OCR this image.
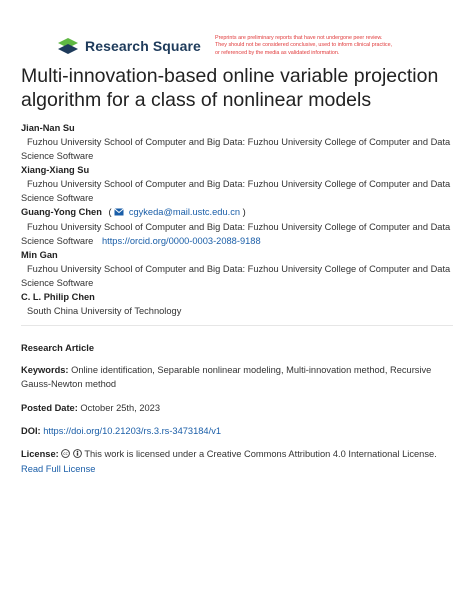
Research Square	Preprints are preliminary reports that have not undergone peer review.
They should not be considered conclusive, used to inform clinical practice,
or referenced by the media as validated information.
Multi-innovation-based online variable projection
algorithm for a class of nonlinear models
Jian-Nan Su
Fuzhou University School of Computer and Big Data: Fuzhou University College of Computer and Data
Science Software
Xiang-Xiang Su
Fuzhou University School of Computer and Big Data: Fuzhou University College of Computer and Data
Science Software
Guang-Yong Chen ( cgykeda@mail.ustc.edu.cn )
Fuzhou University School of Computer and Big Data: Fuzhou University College of Computer and Data
Science Software https://orcid.org/0000-0003-2088-9188
Min Gan
Fuzhou University School of Computer and Big Data: Fuzhou University College of Computer and Data
Science Software
C. L. Philip Chen
South China University of Technology
Research Article
Keywords: Online identification, Separable nonlinear modeling, Multi-innovation method, Recursive
Gauss-Newton method
Posted Date: October 25th, 2023
DOI: https://doi.org/10.21203/rs.3.rs-3473184/v1
License: cc This work is licensed under a Creative Commons Attribution 4.0 International License.
Read Full License
